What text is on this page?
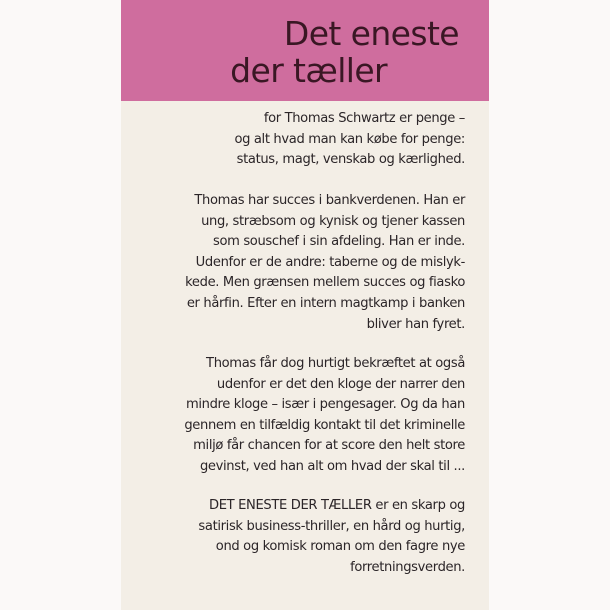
Det eneste
der tæller
for Thomas Schwartz er penge –
og alt hvad man kan købe for penge:
status, magt, venskab og kærlighed.
Thomas har succes i bankverdenen. Han er
ung, stræbsom og kynisk og tjener kassen
som souschef i sin afdeling. Han er inde.
Udenfor er de andre: taberne og de mislyk-
kede. Men grænsen mellem succes og fiasko
er hårfin. Efter en intern magtkamp i banken
bliver han fyret.
Thomas får dog hurtigt bekræftet at også
udenfor er det den kloge der narrer den
mindre kloge – især i pengesager. Og da han
gennem en tilfældig kontakt til det kriminelle
miljø får chancen for at score den helt store
gevinst, ved han alt om hvad der skal til ...
DET ENESTE DER TÆLLER er en skarp og
satirisk business-thriller, en hård og hurtig,
ond og komisk roman om den fagre nye
forretningsverden.
